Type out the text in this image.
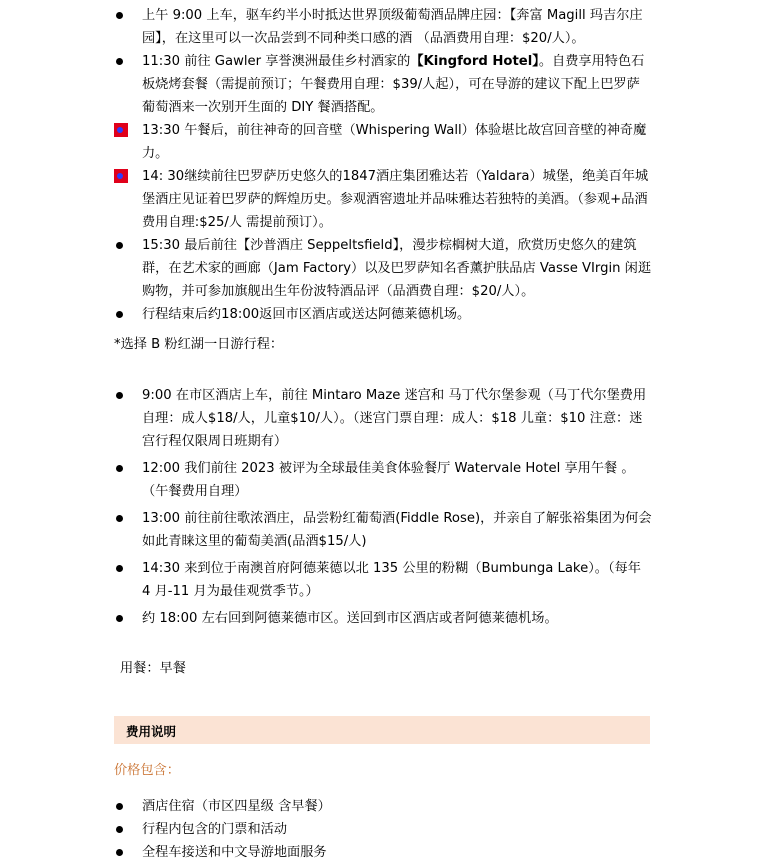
上午 9:00 上车，驱车约半小时抵达世界顶级葡萄酒品牌庄园：【奔富 Magill 玛吉尔庄园】，在这里可以一次品尝到不同种类口感的酒 （品酒费用自理：$20/人）。
11:30 前往 Gawler 享誉澳洲最佳乡村酒家的【Kingford Hotel】。自费享用特色石板烧烤套餐（需提前预订；午餐费用自理：$39/人起），可在导游的建议下配上巴罗萨葡萄酒来一次别开生面的 DIY 餐酒搭配。
13:30 午餐后，前往神奇的回音壁（Whispering Wall）体验堪比故宫回音壁的神奇魔力。
14: 30继续前往巴罗萨历史悠久的1847酒庄集团雅达若（Yaldara）城堡，绝美百年城堡酒庄见证着巴罗萨的辉煌历史。参观酒窖遗址并品味雅达若独特的美酒。（参观+品酒费用自理:$25/人 需提前预订）。
15:30 最后前往【沙普酒庄 Seppeltsfield】，漫步棕榈树大道，欣赏历史悠久的建筑群，在艺术家的画廊（Jam Factory）以及巴罗萨知名香薰护肤品店 Vasse VIrgin 闲逛购物，并可参加旗舰出生年份波特酒品评（品酒费自理：$20/人）。
行程结束后约18:00返回市区酒店或送达阿德莱德机场。
*选择 B 粉红湖一日游行程：
9:00 在市区酒店上车，前往 Mintaro Maze 迷宫和 马丁代尔堡参观（马丁代尔堡费用自理：成人$18/人，儿童$10/人）。（迷宫门票自理：成人：$18 儿童：$10 注意：迷宫行程仅限周日班期有）
12:00 我们前往 2023 被评为全球最佳美食体验餐厅 Watervale Hotel 享用午餐 。（午餐费用自理）
13:00 前往前往歌浓酒庄，品尝粉红葡萄酒(Fiddle Rose)，并亲自了解张裕集团为何会如此青睐这里的葡萄美酒(品酒$15/人)
14:30 来到位于南澳首府阿德莱德以北 135 公里的粉糊（Bumbunga Lake）。（每年 4 月-11 月为最佳观赏季节。）
约 18:00 左右回到阿德莱德市区。送回到市区酒店或者阿德莱德机场。
用餐：早餐
费用说明
价格包含：
酒店住宿（市区四星级 含早餐）
行程内包含的门票和活动
全程车接送和中文导游地面服务
